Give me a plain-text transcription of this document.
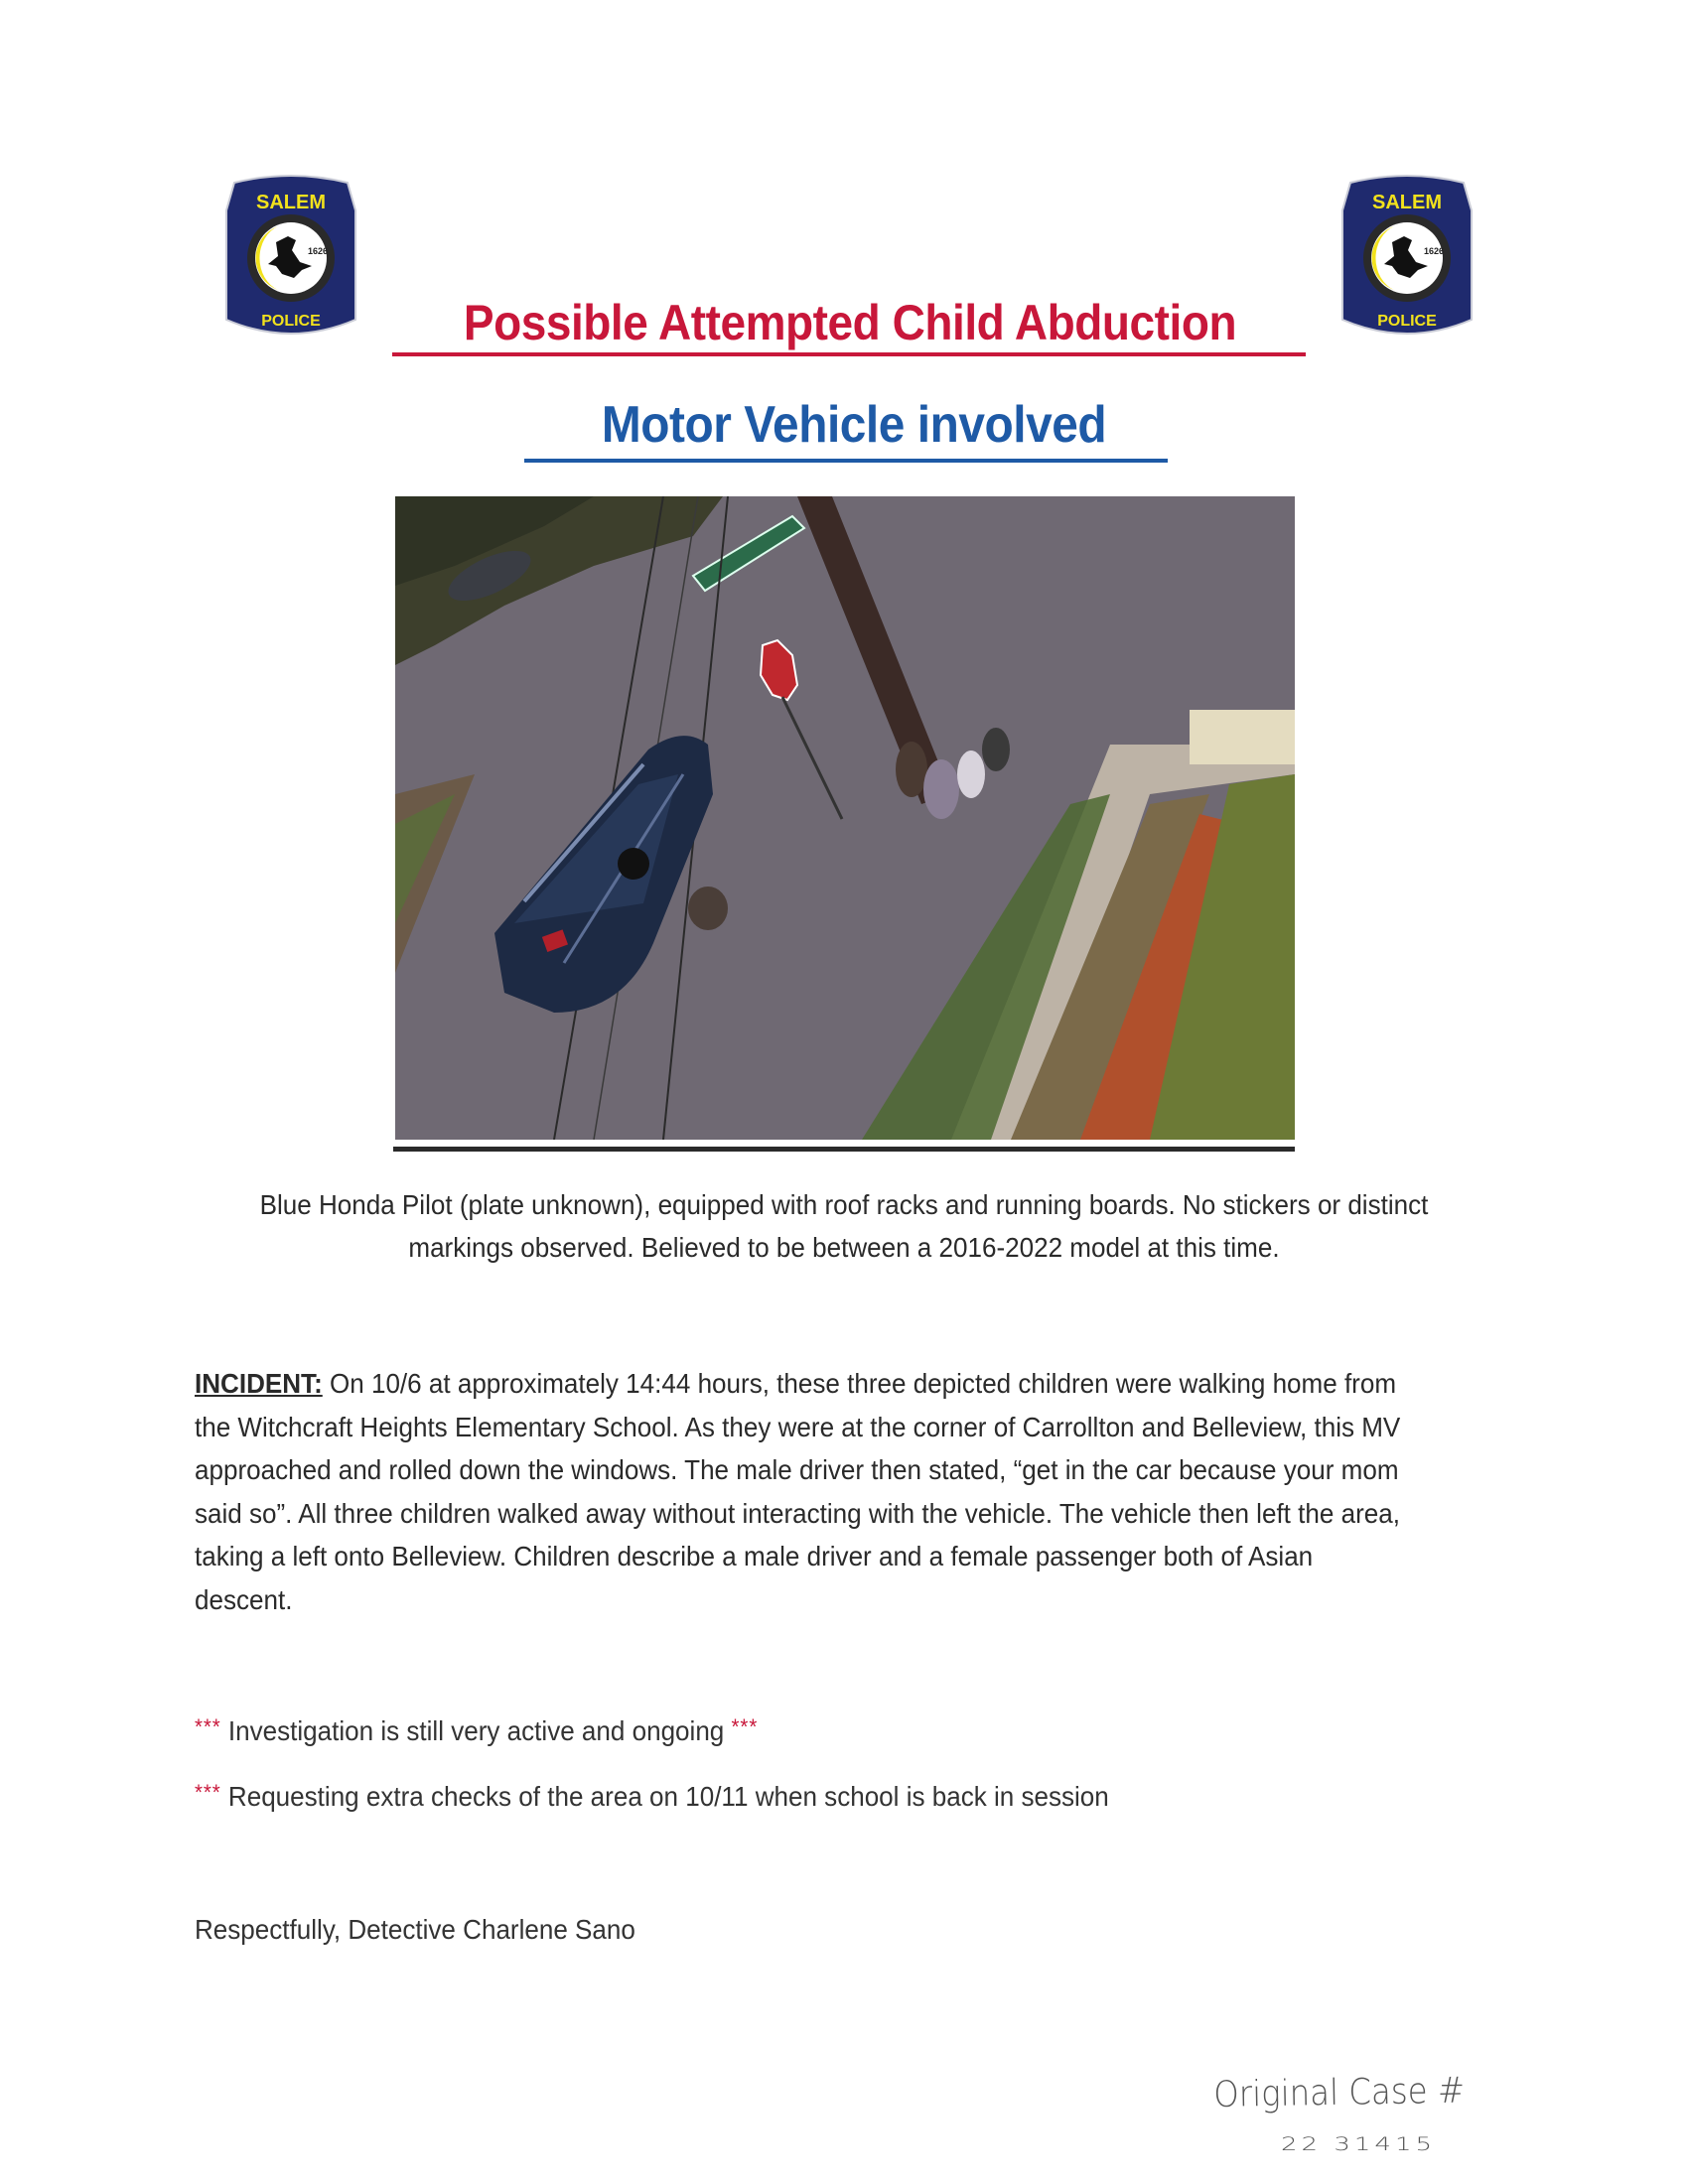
SALEM
1626
POLICE
SALEM
1626
POLICE
Possible Attempted Child Abduction
Motor Vehicle involved
Blue Honda Pilot (plate unknown), equipped with roof racks and running boards. No stickers or distinct markings observed. Believed to be between a 2016-2022 model at this time.
INCIDENT: On 10/6 at approximately 14:44 hours, these three depicted children were walking home from the Witchcraft Heights Elementary School. As they were at the corner of Carrollton and Belleview, this MV approached and rolled down the windows. The male driver then stated, “get in the car because your mom said so”. All three children walked away without interacting with the vehicle. The vehicle then left the area, taking a left onto Belleview. Children describe a male driver and a female passenger both of Asian descent.
*** Investigation is still very active and ongoing ***
*** Requesting extra checks of the area on 10/11 when school is back in session
Respectfully, Detective Charlene Sano
Original Case #
22 31415
